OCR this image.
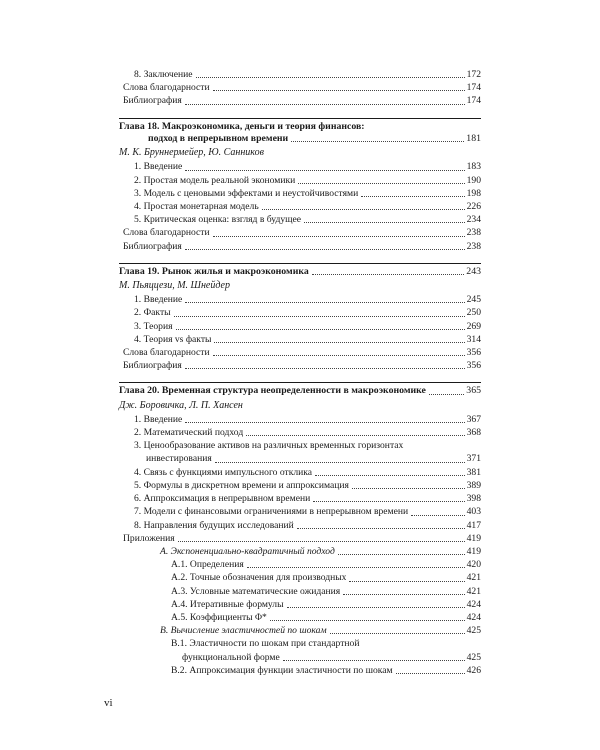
8. Заключение	172
Слова благодарности	174
Библиография	174
Глава 18. Макроэкономика, деньги и теория финансов:
подход в непрерывном времени	181
М. К. Бруннермейер, Ю. Санников
1. Введение	183
2. Простая модель реальной экономики	190
3. Модель с ценовыми эффектами и неустойчивостями	198
4. Простая монетарная модель	226
5. Критическая оценка: взгляд в будущее	234
Слова благодарности	238
Библиография	238
Глава 19. Рынок жилья и макроэкономика	243
М. Пьяццези, М. Шнейдер
1. Введение	245
2. Факты	250
3. Теория	269
4. Теория vs факты	314
Слова благодарности	356
Библиография	356
Глава 20. Временная структура неопределенности в макроэкономике	365
Дж. Боровичка, Л. П. Хансен
1. Введение	367
2. Математический подход	368
3. Ценообразование активов на различных временных горизонтах
инвестирования	371
4. Связь с функциями импульсного отклика	381
5. Формулы в дискретном времени и аппроксимация	389
6. Аппроксимация в непрерывном времени	398
7. Модели с финансовыми ограничениями в непрерывном времени	403
8. Направления будущих исследований	417
Приложения	419
A. Экспоненциально-квадратичный подход	419
A.1. Определения	420
A.2. Точные обозначения для производных	421
A.3. Условные математические ожидания	421
A.4. Итеративные формулы	424
A.5. Коэффициенты Φ*	424
B. Вычисление эластичностей по шокам	425
B.1. Эластичности по шокам при стандартной
функциональной форме	425
B.2. Аппроксимация функции эластичности по шокам	426
vi
